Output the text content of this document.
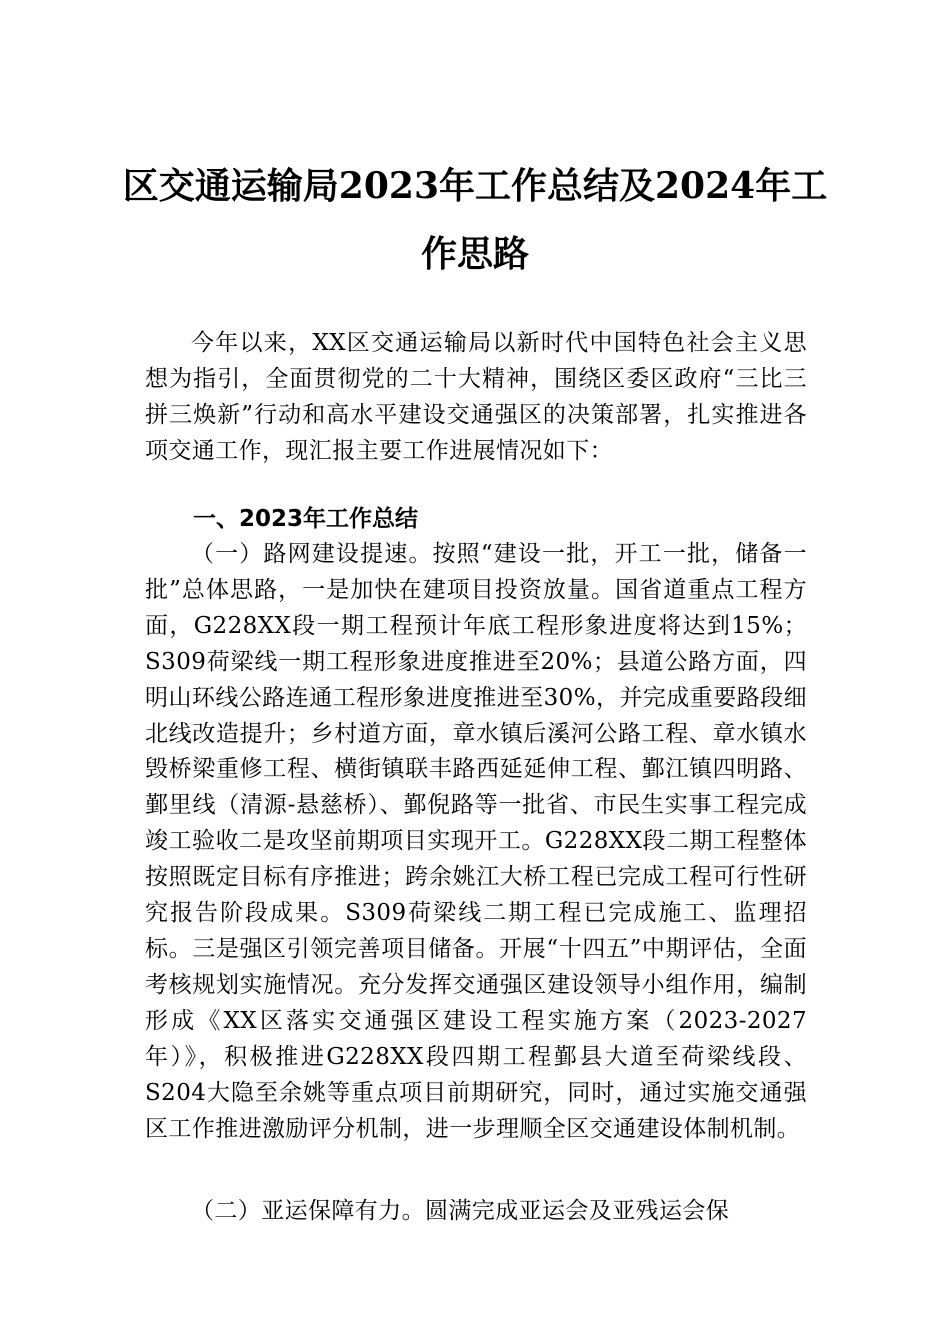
区交通运输局2023年工作总结及2024年工
作思路

今年以来，XX区交通运输局以新时代中国特色社会主义思想为指引，全面贯彻党的二十大精神，围绕区委区政府“三比三拼三焕新”行动和高水平建设交通强区的决策部署，扎实推进各项交通工作，现汇报主要工作进展情况如下：

一、2023年工作总结

（一）路网建设提速。按照“建设一批，开工一批，储备一批”总体思路，一是加快在建项目投资放量。国省道重点工程方面，G228XX段一期工程预计年底工程形象进度将达到15%；S309荷梁线一期工程形象进度推进至20%；县道公路方面，四明山环线公路连通工程形象进度推进至30%，并完成重要路段细北线改造提升；乡村道方面，章水镇后溪河公路工程、章水镇水毁桥梁重修工程、横街镇联丰路西延延伸工程、鄞江镇四明路、鄞里线（清源-悬慈桥）、鄞倪路等一批省、市民生实事工程完成竣工验收二是攻坚前期项目实现开工。G228XX段二期工程整体按照既定目标有序推进；跨余姚江大桥工程已完成工程可行性研究报告阶段成果。S309荷梁线二期工程已完成施工、监理招标。三是强区引领完善项目储备。开展“十四五”中期评估，全面考核规划实施情况。充分发挥交通强区建设领导小组作用，编制形成《XX区落实交通强区建设工程实施方案（2023-2027年）》，积极推进G228XX段四期工程鄞县大道至荷梁线段、S204大隐至余姚等重点项目前期研究，同时，通过实施交通强区工作推进激励评分机制，进一步理顺全区交通建设体制机制。

（二）亚运保障有力。圆满完成亚运会及亚残运会保
